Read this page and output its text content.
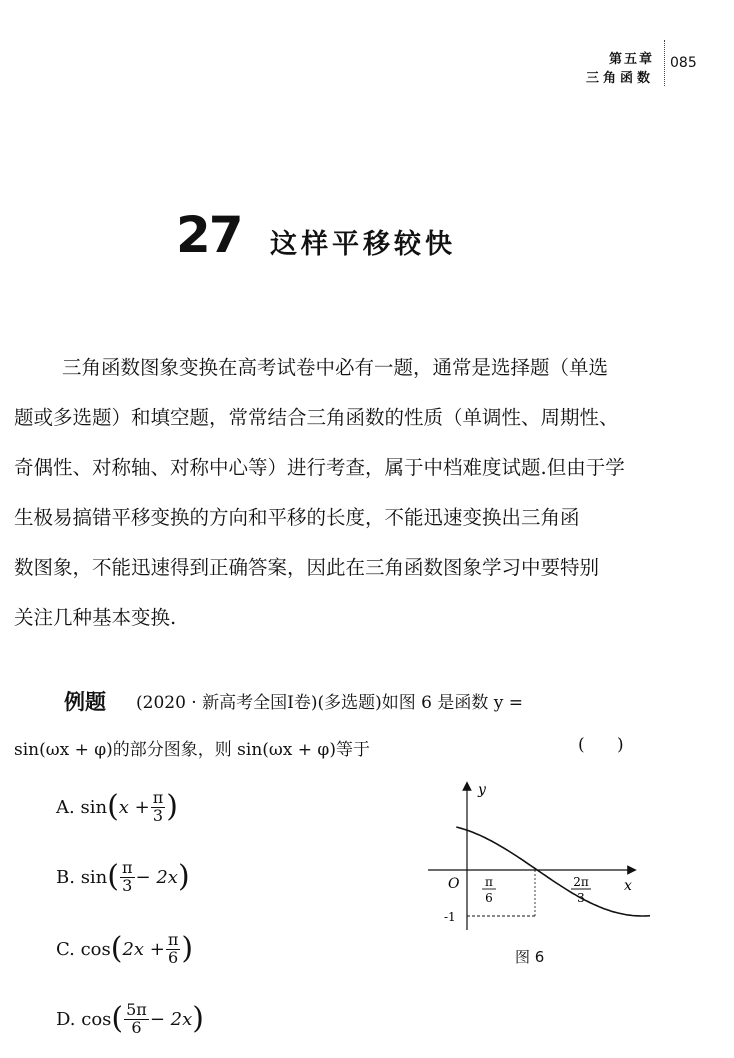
第五章
三角函数
085
27 这样平移较快
三角函数图象变换在高考试卷中必有一题，通常是选择题（单选
题或多选题）和填空题，常常结合三角函数的性质（单调性、周期性、
奇偶性、对称轴、对称中心等）进行考查，属于中档难度试题.但由于学
生极易搞错平移变换的方向和平移的长度，不能迅速变换出三角函
数图象，不能迅速得到正确答案，因此在三角函数图象学习中要特别
关注几种基本变换.
例题 (2020 · 新高考全国Ⅰ卷)(多选题)如图 6 是函数 y =
sin(ωx + φ)的部分图象，则 sin(ωx + φ)等于	(      )
A.
sin ( $x + \frac{\pi}{3}$ )
B.
sin ( $\frac{\pi}{3} - 2x$ )
C.
cos ( $2x + \frac{\pi}{6}$ )
D.
cos ( $\frac{5\pi}{6} - 2x$ )
y
x
O π
6
2π
3
-1
图 6
